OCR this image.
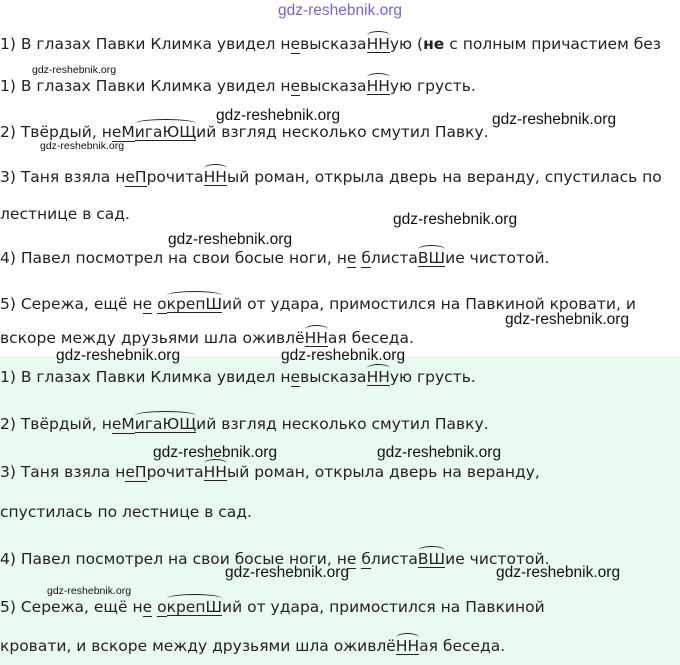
gdz-reshebnik.org
1) В глазах Павки Климка увидел невысказаННую (не с полным причастием без
1) В глазах Павки Климка увидел невысказаННую грусть.
2) Твёрдый, неМигаЮЩий взгляд несколько смутил Павку.
3) Таня взяла неПрочитаННый роман, открыла дверь на веранду, спустилась по
лестнице в сад.
4) Павел посмотрел на свои босые ноги, не блистаВШие чистотой.
5) Сережа, ещё не окрепШий от удара, примостился на Павкиной кровати, и
вскоре между друзьями шла оживлёННая беседа.
1) В глазах Павки Климка увидел невысказаННую грусть.
2) Твёрдый, неМигаЮЩий взгляд несколько смутил Павку.
3) Таня взяла неПрочитаННый роман, открыла дверь на веранду,
спустилась по лестнице в сад.
4) Павел посмотрел на свои босые ноги, не блистаВШие чистотой.
5) Сережа, ещё не окрепШий от удара, примостился на Павкиной
кровати, и вскоре между друзьями шла оживлёННая беседа.
gdz-reshebnik.org
gdz-reshebnik.org	gdz-reshebnik.org
gdz-reshebnik.org
gdz-reshebnik.org
gdz-reshebnik.org
gdz-reshebnik.org
gdz-reshebnik.org	gdz-reshebnik.org
gdz-reshebnik.org	gdz-reshebnik.org
gdz-reshebnik.org	gdz-reshebnik.org
gdz-reshebnik.org
